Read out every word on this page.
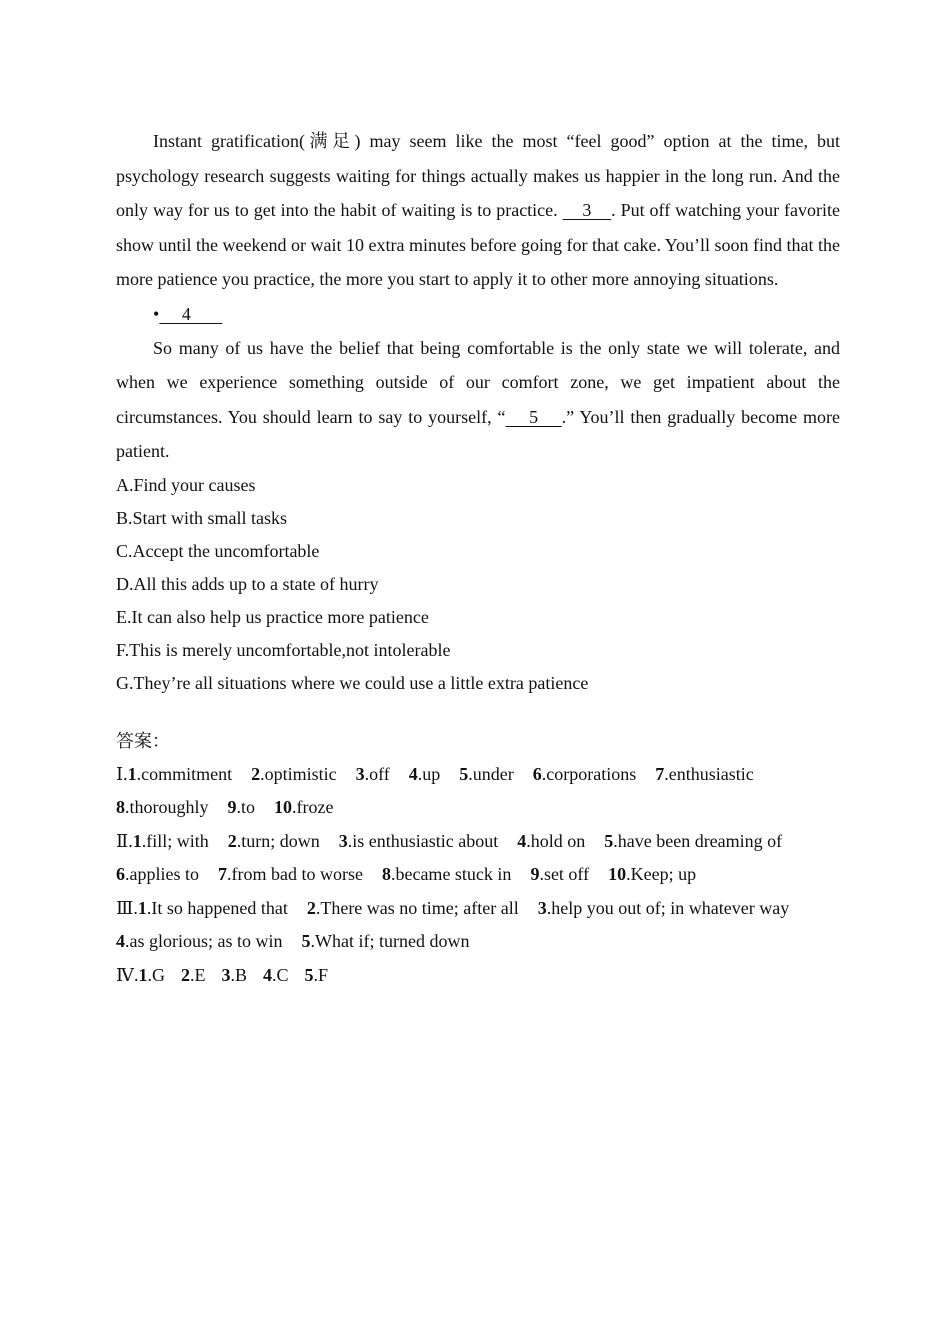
Instant gratification(满足) may seem like the most “feel good” option at the time, but psychology research suggests waiting for things actually makes us happier in the long run. And the only way for us to get into the habit of waiting is to practice.     3    . Put off watching your favorite show until the weekend or wait 10 extra minutes before going for that cake. You’ll soon find that the more patience you practice, the more you start to apply it to other more annoying situations.

•     4

So many of us have the belief that being comfortable is the only state we will tolerate, and when we experience something outside of our comfort zone, we get impatient about the circumstances. You should learn to say to yourself, “    5    .” You’ll then gradually become more patient.

A.Find your causes

B.Start with small tasks

C.Accept the uncomfortable

D.All this adds up to a state of hurry

E.It can also help us practice more patience

F.This is merely uncomfortable,not intolerable

G.They’re all situations where we could use a little extra patience

答案：

Ⅰ.1.commitment 2.optimistic 3.off 4.up 5.under 6.corporations 7.enthusiastic

8.thoroughly 9.to 10.froze

Ⅱ.1.fill; with 2.turn; down 3.is enthusiastic about 4.hold on 5.have been dreaming of

6.applies to 7.from bad to worse 8.became stuck in 9.set off 10.Keep; up

Ⅲ.1.It so happened that 2.There was no time; after all 3.help you out of; in whatever way

4.as glorious; as to win 5.What if; turned down

Ⅳ.1.G 2.E 3.B 4.C 5.F
